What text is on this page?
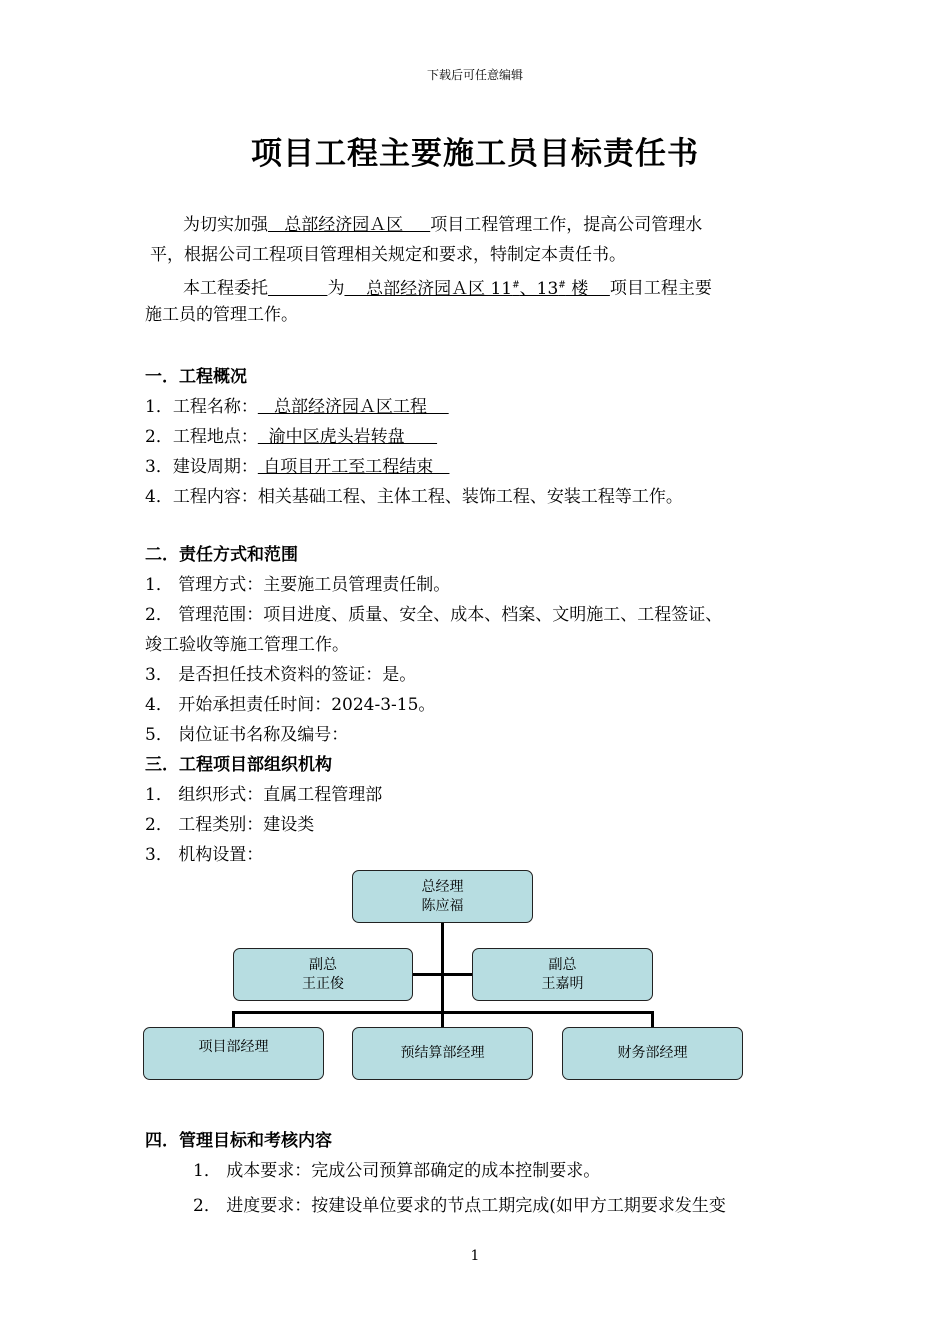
下载后可任意编辑
项目工程主要施工员目标责任书
为切实加强   总部经济园Ａ区     项目工程管理工作，提高公司管理水
平，根据公司工程项目管理相关规定和要求，特制定本责任书。
本工程委托	为    总部经济园Ａ区 11#、13# 楼    项目工程主要
施工员的管理工作。
一．工程概况
1．工程名称：   总部经济园Ａ区工程
2．工程地点：  渝中区虎头岩转盘
3．建设周期： 自项目开工至工程结束
4．工程内容：相关基础工程、主体工程、装饰工程、安装工程等工作。
二．责任方式和范围
1． 管理方式：主要施工员管理责任制。
2． 管理范围：项目进度、质量、安全、成本、档案、文明施工、工程签证、
竣工验收等施工管理工作。
3． 是否担任技术资料的签证：是。
4． 开始承担责任时间：2024-3-15。
5． 岗位证书名称及编号：
三．工程项目部组织机构
1． 组织形式：直属工程管理部
2． 工程类别：建设类
3． 机构设置：
总经理
陈应福
副总
王正俊
副总
王嘉明
项目部经理	预结算部经理	财务部经理
四．管理目标和考核内容
1． 成本要求：完成公司预算部确定的成本控制要求。
2． 进度要求：按建设单位要求的节点工期完成(如甲方工期要求发生变
1
